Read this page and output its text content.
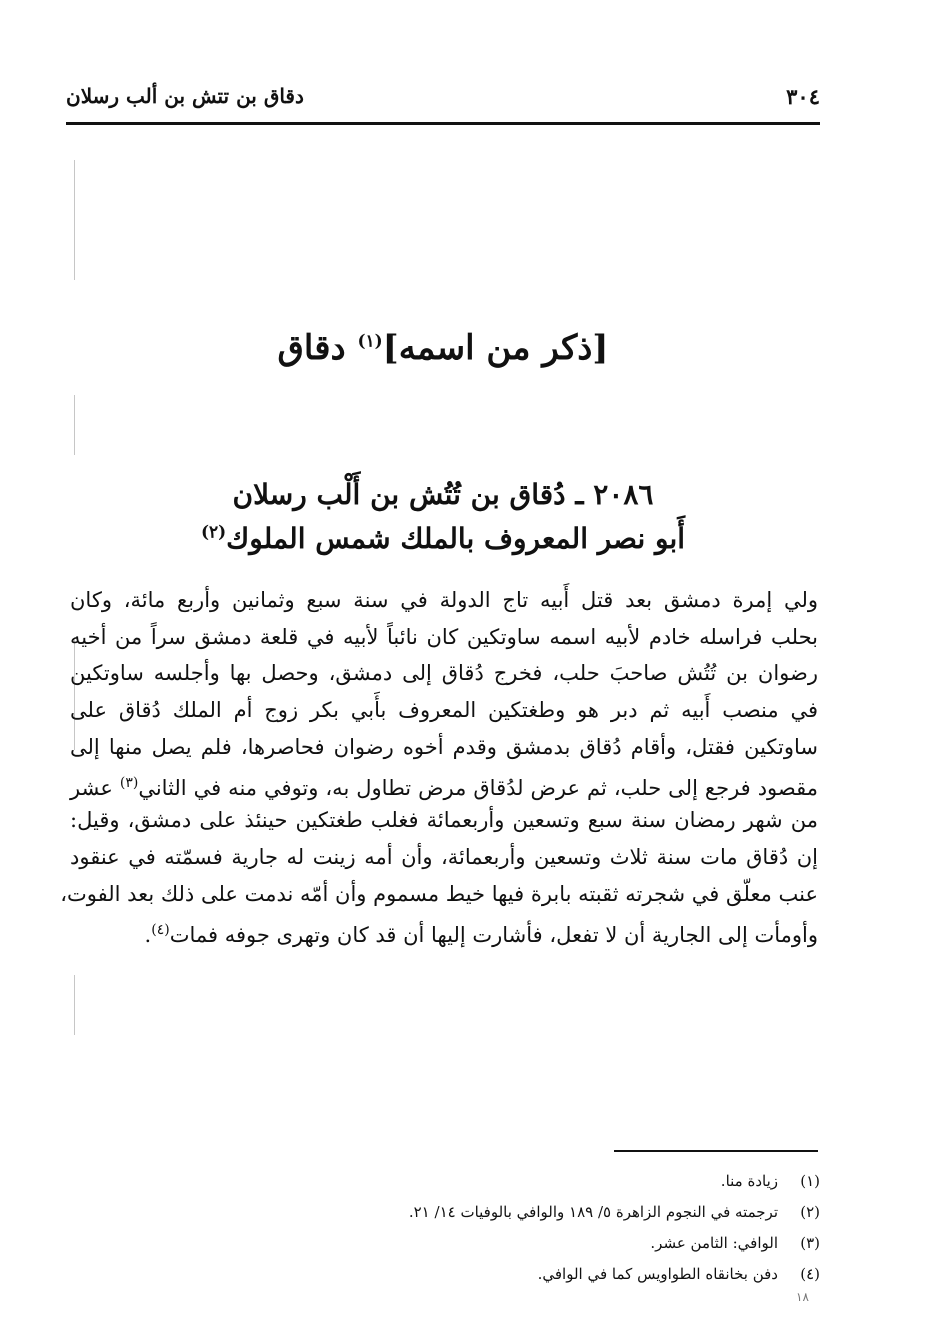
٣٠٤
دقاق بن تتش بن ألب رسلان
[ذكر من اسمه]$^{(١)}$ دقاق
٢٠٨٦ ـ دُقاق بن تُتُش بن أَلْب رسلان
أَبو نصر المعروف بالملك شمس الملوك$^{(٢)}$
ولي إمرة دمشق بعد قتل أَبيه تاج الدولة في سنة سبع وثمانين وأربع مائة، وكان
بحلب فراسله خادم لأبيه اسمه ساوتكين كان نائباً لأبيه في قلعة دمشق سراً من أخيه
رضوان بن تُتُش صاحبَ حلب، فخرج دُقاق إلى دمشق، وحصل بها وأجلسه ساوتكين
في منصب أَبيه ثم دبر هو وطغتكين المعروف بأَبي بكر زوج أم الملك دُقاق على
ساوتكين فقتل، وأقام دُقاق بدمشق وقدم أخوه رضوان فحاصرها، فلم يصل منها إلى
مقصود فرجع إلى حلب، ثم عرض لدُقاق مرض تطاول به، وتوفي منه في الثاني$^{(٣)}$ عشر
من شهر رمضان سنة سبع وتسعين وأربعمائة فغلب طغتكين حينئذ على دمشق، وقيل:
إن دُقاق مات سنة ثلاث وتسعين وأربعمائة، وأن أمه زينت له جارية فسمّته في عنقود
عنب معلّق في شجرته ثقبته بابرة فيها خيط مسموم وأن أمّه ندمت على ذلك بعد الفوت،
وأومأت إلى الجارية أن لا تفعل، فأشارت إليها أن قد كان وتهرى جوفه فمات$^{(٤)}$.
(١)زيادة منا.
(٢)ترجمته في النجوم الزاهرة ٥/ ١٨٩ والوافي بالوفيات ١٤/ ٢١.
(٣)الوافي: الثامن عشر.
(٤)دفن بخانقاه الطواويس كما في الوافي.
١٨
